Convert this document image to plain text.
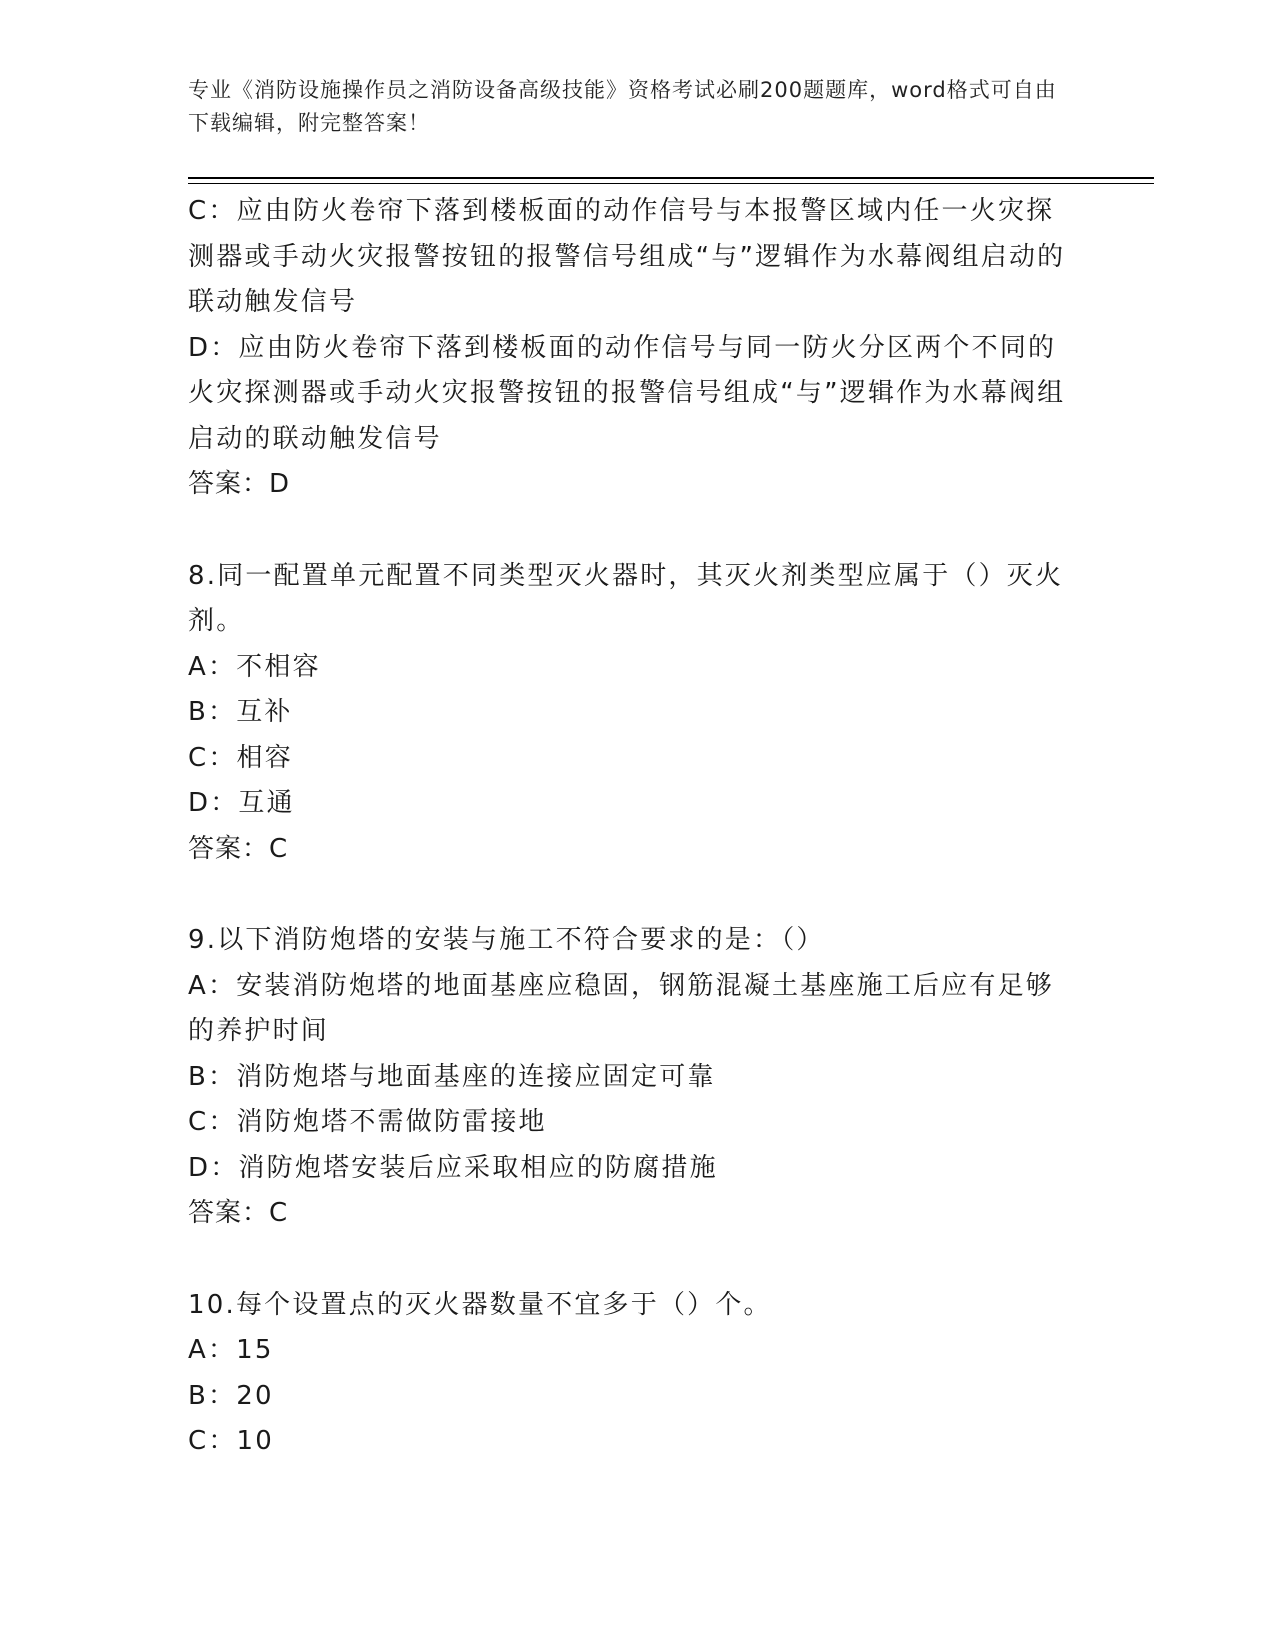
专业《消防设施操作员之消防设备高级技能》资格考试必刷200题题库，word格式可自由下载编辑，附完整答案！

C：应由防火卷帘下落到楼板面的动作信号与本报警区域内任一火灾探测器或手动火灾报警按钮的报警信号组成“与”逻辑作为水幕阀组启动的联动触发信号

D：应由防火卷帘下落到楼板面的动作信号与同一防火分区两个不同的火灾探测器或手动火灾报警按钮的报警信号组成“与”逻辑作为水幕阀组启动的联动触发信号

答案：D

8.同一配置单元配置不同类型灭火器时，其灭火剂类型应属于（）灭火剂。

A：不相容

B：互补

C：相容

D：互通

答案：C

9.以下消防炮塔的安装与施工不符合要求的是：（）

A：安装消防炮塔的地面基座应稳固，钢筋混凝土基座施工后应有足够的养护时间

B：消防炮塔与地面基座的连接应固定可靠

C：消防炮塔不需做防雷接地

D：消防炮塔安装后应采取相应的防腐措施

答案：C

10.每个设置点的灭火器数量不宜多于（）个。

A：15

B：20

C：10
